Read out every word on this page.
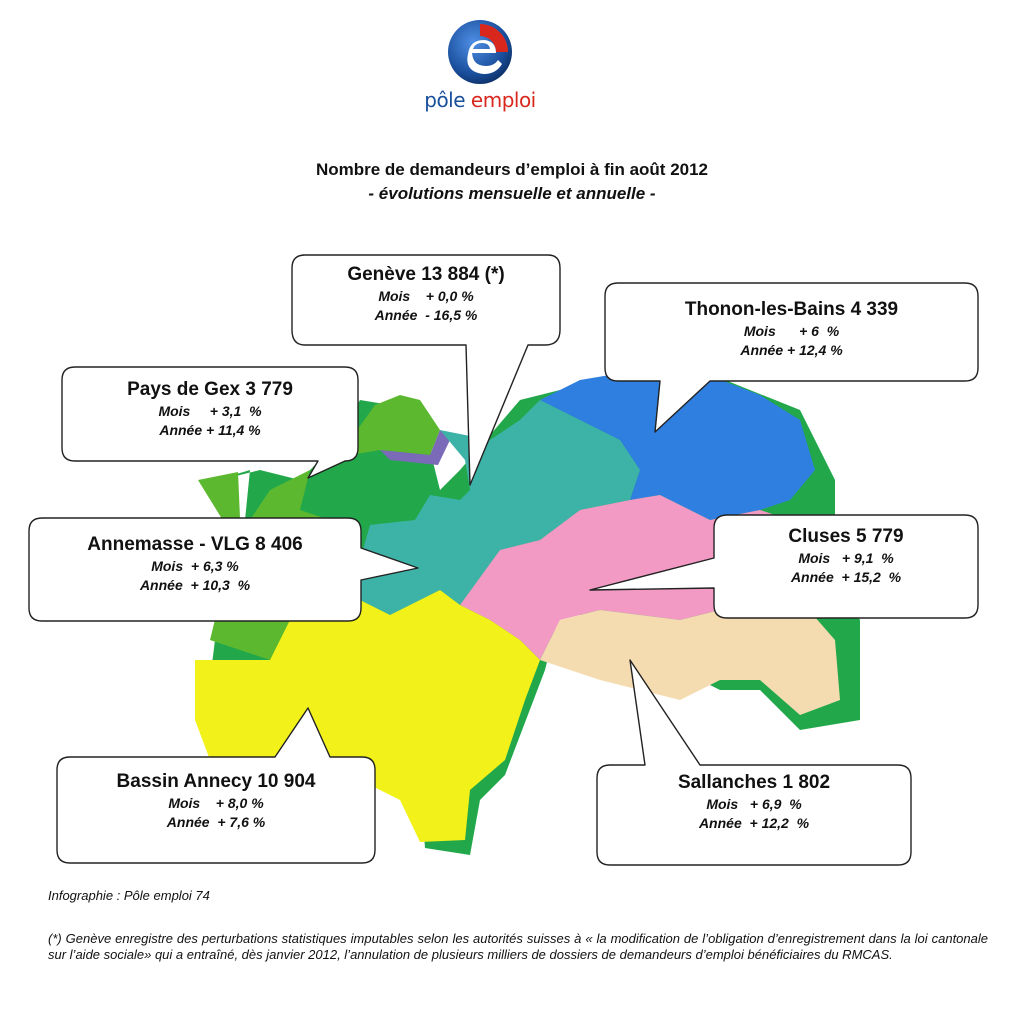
pôle emploi
Nombre de demandeurs d’emploi à fin août 2012
- évolutions mensuelle et annuelle -
Genève 13 884 (*)
Mois    + 0,0 %
Année  - 16,5 %	Thonon-les-Bains 4 339
Mois      + 6  %
Année + 12,4 %
Pays de Gex 3 779
Mois     + 3,1  %
Année + 11,4 %
Annemasse - VLG 8 406
Mois  + 6,3 %
Année  + 10,3  %
Cluses 5 779
Mois   + 9,1  %
Année  + 15,2  %
Bassin Annecy 10 904
Mois    + 8,0 %
Année  + 7,6 %
Sallanches 1 802
Mois   + 6,9  %
Année  + 12,2  %
Infographie : Pôle emploi 74
(*) Genève enregistre des perturbations statistiques imputables selon les autorités suisses à « la modification de l’obligation d’enregistrement dans la loi cantonale sur l’aide sociale» qui a entraîné, dès janvier 2012, l’annulation de plusieurs milliers de dossiers de demandeurs d’emploi bénéficiaires du RMCAS.
